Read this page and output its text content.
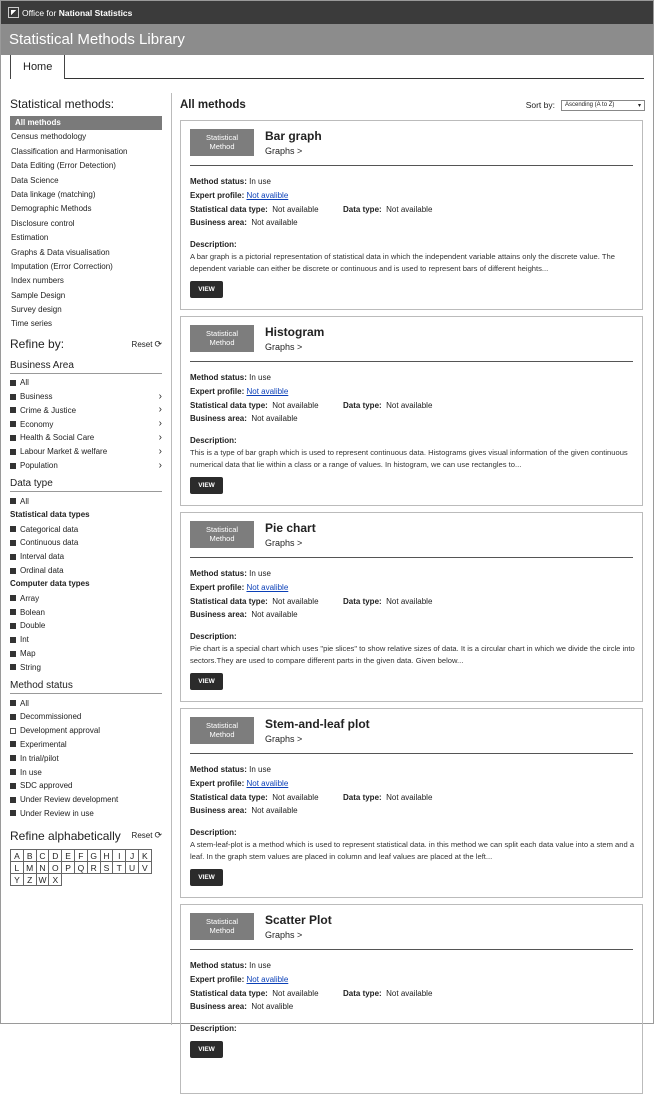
Office for National Statistics
Statistical Methods Library
Home
Statistical methods:
All methods
Census methodology
Classification and Harmonisation
Data Editing (Error Detection)
Data Science
Data linkage (matching)
Demographic Methods
Disclosure control
Estimation
Graphs & Data visualisation
Imputation (Error Correction)
Index numbers
Sample Design
Survey design
Time series
Refine by:	Reset ⟳
Business Area
All
Business	›
Crime & Justice	›
Economy	›
Health & Social Care	›
Labour Market & welfare	›
Population	›
Data type
All
Statistical data types
Categorical data
Continuous data
Interval data
Ordinal data
Computer data types
Array
Bolean
Double
Int
Map
String
Method status
All
Decommissioned
Development approval
Experimental
In trial/pilot
In use
SDC approved
Under Review development
Under Review in use
Refine alphabetically Reset ⟳
A B C D E F G H	I	J K
L M N O P Q R S T U V
Y Z W X
All methods	Sort by: Ascending (A to Z)	▾
Statistical
Method
Bar graph
Graphs >
Method status: In use
Expert profile: Not avalible
Statistical data type: Not available	Data type: Not available
Business area: Not available
Description:
A bar graph is a pictorial representation of statistical data in which the independent variable attains only the discrete value. The dependent variable can either be discrete or continuous and is used to represent bars of different heights...
VIEW
Statistical
Method
Histogram
Graphs >
Method status: In use
Expert profile: Not avalible
Statistical data type: Not available	Data type: Not available
Business area: Not available
Description:
This is a type of bar graph which is used to represent continuous data. Histograms gives visual information of the given continuous numerical data that lie within a class or a range of values. In histogram, we can use rectangles to...
VIEW
Statistical
Method
Pie chart
Graphs >
Method status: In use
Expert profile: Not avalible
Statistical data type: Not available	Data type: Not available
Business area: Not available
Description:
Pie chart is a special chart which uses "pie slices" to show relative sizes of data. It is a circular chart in which we divide the circle into sectors.They are used to compare different parts in the given data. Given below...
VIEW
Statistical
Method
Stem-and-leaf plot
Graphs >
Method status: In use
Expert profile: Not avalible
Statistical data type: Not available	Data type: Not available
Business area: Not available
Description:
A stem-leaf-plot is a method which is used to represent statistical data. in this method we can split each data value into a stem and a leaf. In the graph stem values are placed in column and leaf values are placed at the left...
VIEW
Statistical
Method
Scatter Plot
Graphs >
Method status: In use
Expert profile: Not avalible
Statistical data type: Not available	Data type: Not available
Business area: Not avalible
Description:
VIEW
